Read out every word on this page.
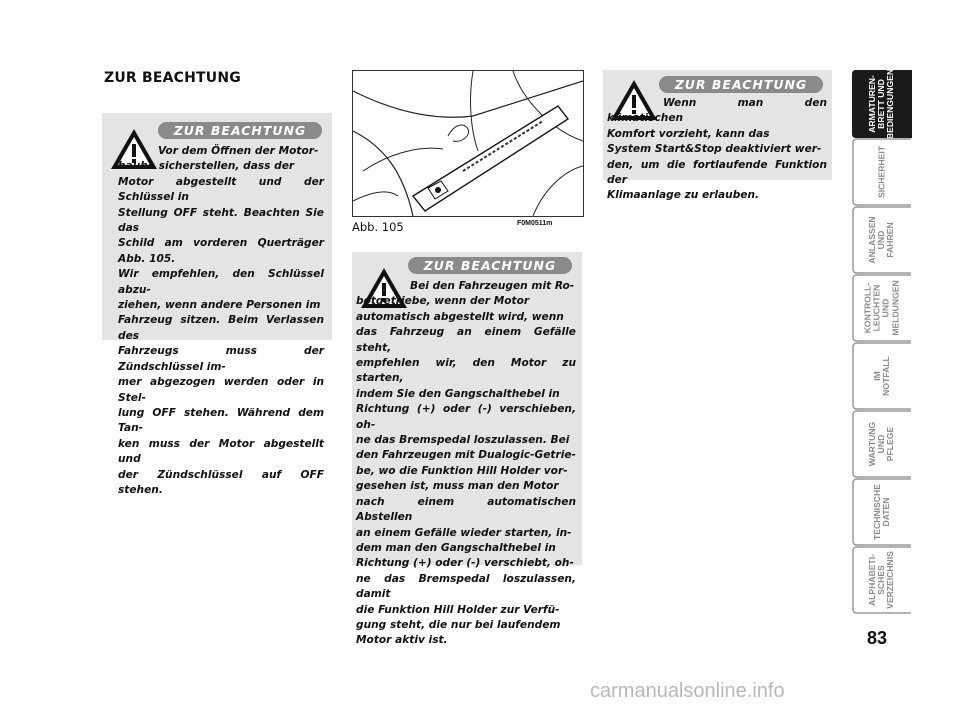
ZUR BEACHTUNG
ZUR BEACHTUNG
Vor dem Öffnen der Motor-
haube sicherstellen, dass der
Motor abgestellt und der Schlüssel in
Stellung OFF steht. Beachten Sie das
Schild am vorderen Querträger Abb. 105.
Wir empfehlen, den Schlüssel abzu-
ziehen, wenn andere Personen im
Fahrzeug sitzen. Beim Verlassen des
Fahrzeugs muss der Zündschlüssel im-
mer abgezogen werden oder in Stel-
lung OFF stehen. Während dem Tan-
ken muss der Motor abgestellt und
der Zündschlüssel auf OFF stehen.
Abb. 105	F0M0511m
ZUR BEACHTUNG
Bei den Fahrzeugen mit Ro-
botgetriebe, wenn der Motor
automatisch abgestellt wird, wenn
das Fahrzeug an einem Gefälle steht,
empfehlen wir, den Motor zu starten,
indem Sie den Gangschalthebel in
Richtung (+) oder (-) verschieben, oh-
ne das Bremspedal loszulassen. Bei
den Fahrzeugen mit Dualogic-Getrie-
be, wo die Funktion Hill Holder vor-
gesehen ist, muss man den Motor
nach einem automatischen Abstellen
an einem Gefälle wieder starten, in-
dem man den Gangschalthebel in
Richtung (+) oder (-) verschiebt, oh-
ne das Bremspedal loszulassen, damit
die Funktion Hill Holder zur Verfü-
gung steht, die nur bei laufendem
Motor aktiv ist.
ZUR BEACHTUNG
Wenn man den klimatischen
Komfort vorzieht, kann das
System Start&Stop deaktiviert wer-
den, um die fortlaufende Funktion der
Klimaanlage zu erlauben.
ARMATUREN-
BRETT UND
BEDIENGUNGEN
SICHERHEIT
ANLASSEN
UND FAHREN
KONTROLL-
LEUCHTEN UND
MELDUNGEN
IM NOTFALL
WARTUNG
UND PFLEGE
TECHNISCHE
DATEN
ALPHABETI-
SCHES
VERZEICHNIS
83
carmanualsonline.info
